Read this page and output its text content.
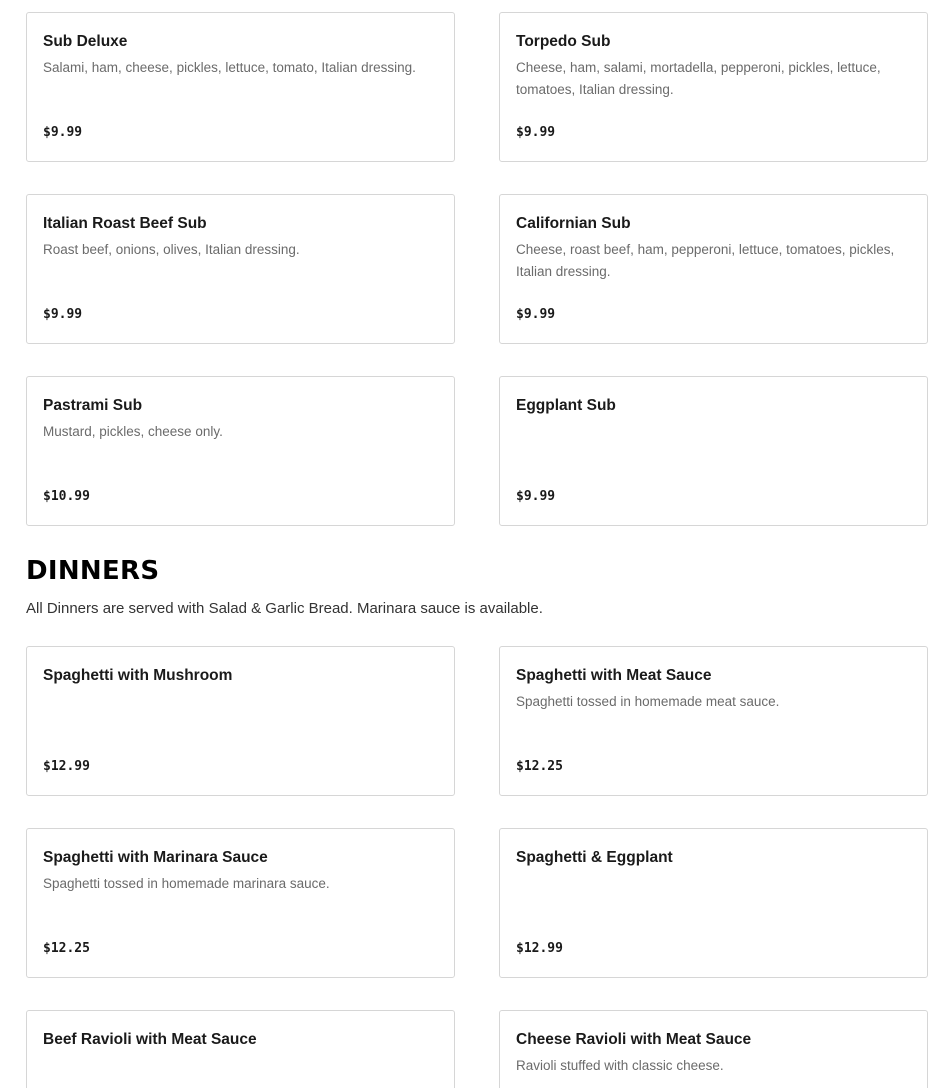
Sub Deluxe
Salami, ham, cheese, pickles, lettuce, tomato, Italian dressing.
$9.99
Torpedo Sub
Cheese, ham, salami, mortadella, pepperoni, pickles, lettuce, tomatoes, Italian dressing.
$9.99
Italian Roast Beef Sub
Roast beef, onions, olives, Italian dressing.
$9.99
Californian Sub
Cheese, roast beef, ham, pepperoni, lettuce, tomatoes, pickles, Italian dressing.
$9.99
Pastrami Sub
Mustard, pickles, cheese only.
$10.99
Eggplant Sub
$9.99
DINNERS
All Dinners are served with Salad & Garlic Bread. Marinara sauce is available.
Spaghetti with Mushroom
$12.99
Spaghetti with Meat Sauce
Spaghetti tossed in homemade meat sauce.
$12.25
Spaghetti with Marinara Sauce
Spaghetti tossed in homemade marinara sauce.
$12.25
Spaghetti & Eggplant
$12.99
Beef Ravioli with Meat Sauce	Cheese Ravioli with Meat Sauce
Ravioli stuffed with classic cheese.
